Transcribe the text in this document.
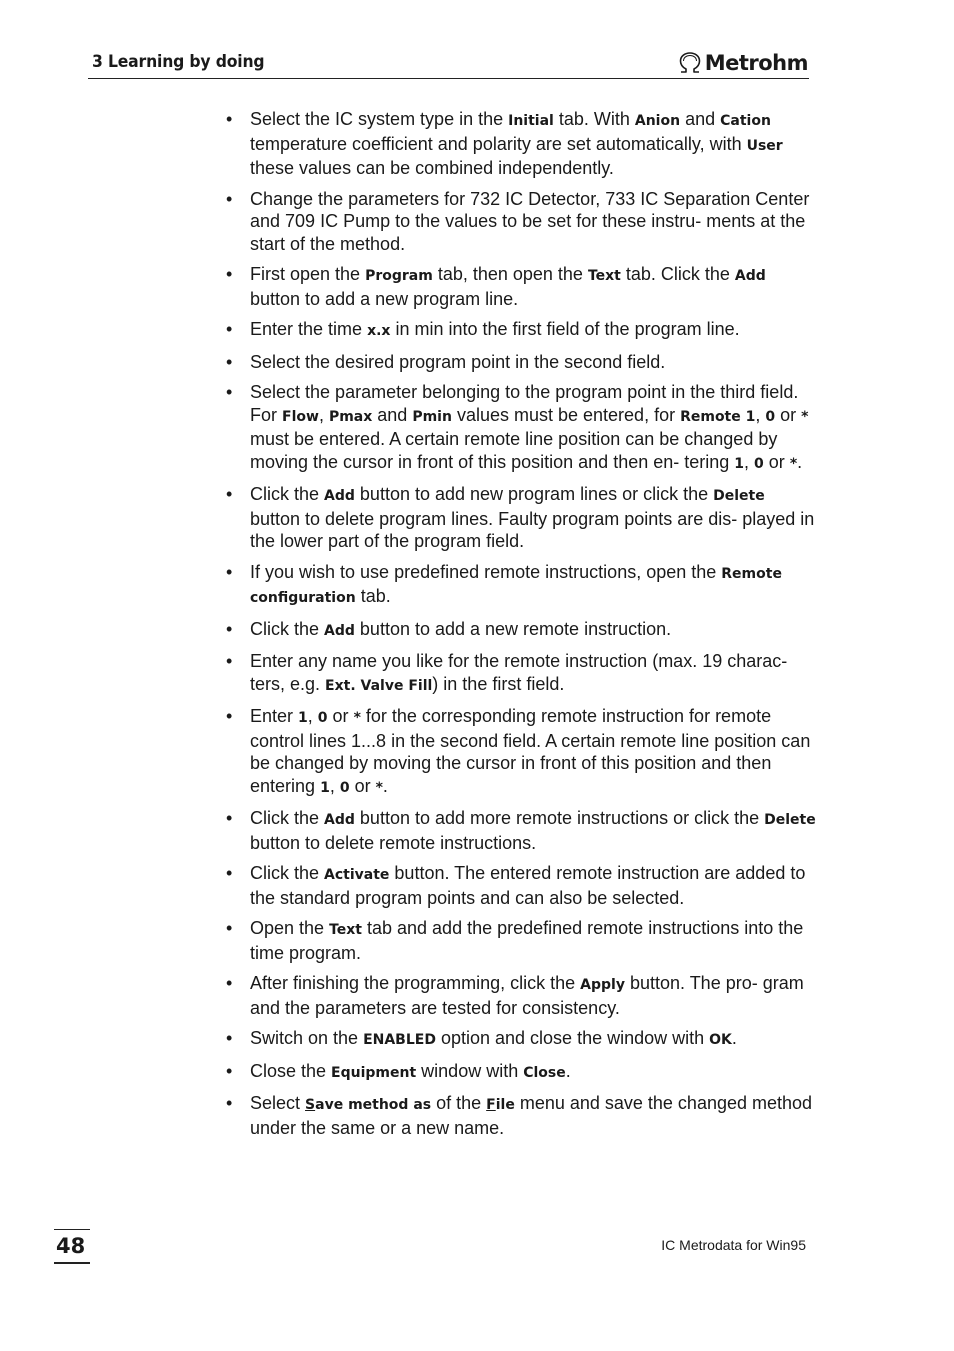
3 Learning by doing	Metrohm
• Select the IC system type in the Initial tab. With Anion and Cation temperature coefficient and polarity are set automatically, with User these values can be combined independently.
• Change the parameters for 732 IC Detector, 733 IC Separation Center and 709 IC Pump to the values to be set for these instru- ments at the start of the method.
• First open the Program tab, then open the Text tab. Click the Add button to add a new program line.
• Enter the time x.x in min into the first field of the program line.
• Select the desired program point in the second field.
• Select the parameter belonging to the program point in the third field. For Flow, Pmax and Pmin values must be entered, for Remote 1, 0 or * must be entered. A certain remote line position can be changed by moving the cursor in front of this position and then en- tering 1, 0 or *.
• Click the Add button to add new program lines or click the Delete button to delete program lines. Faulty program points are dis- played in the lower part of the program field.
• If you wish to use predefined remote instructions, open the Remote configuration tab.
• Click the Add button to add a new remote instruction.
• Enter any name you like for the remote instruction (max. 19 charac- ters, e.g. Ext. Valve Fill) in the first field.
• Enter 1, 0 or * for the corresponding remote instruction for remote control lines 1...8 in the second field. A certain remote line position can be changed by moving the cursor in front of this position and then entering 1, 0 or *.
• Click the Add button to add more remote instructions or click the Delete button to delete remote instructions.
• Click the Activate button. The entered remote instruction are added to the standard program points and can also be selected.
• Open the Text tab and add the predefined remote instructions into the time program.
• After finishing the programming, click the Apply button. The pro- gram and the parameters are tested for consistency.
• Switch on the ENABLED option and close the window with OK.
• Close the Equipment window with Close.
• Select Save method as of the File menu and save the changed method under the same or a new name.
48	IC Metrodata for Win95
